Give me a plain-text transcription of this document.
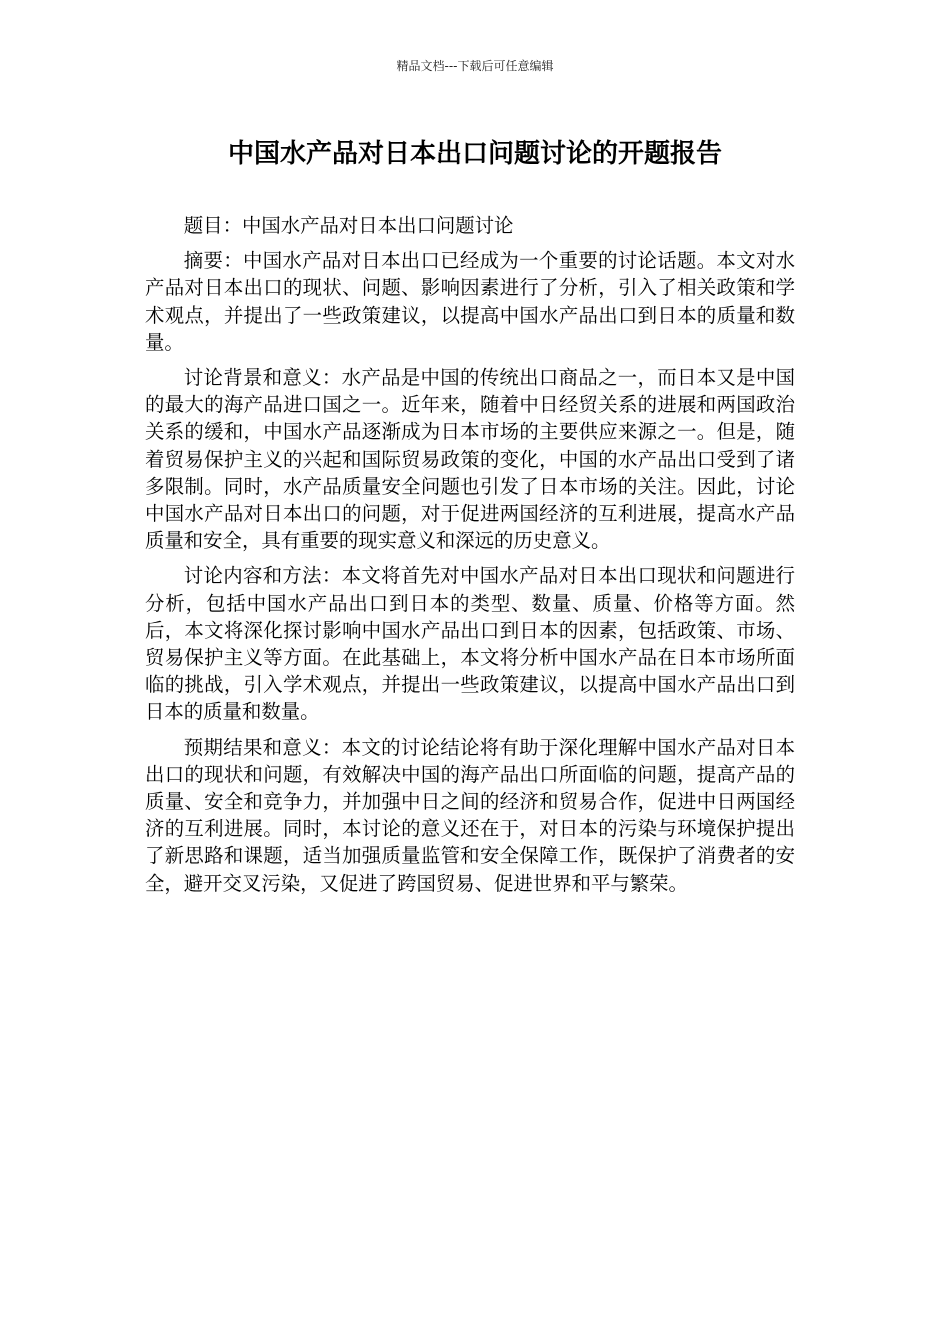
精品文档---下载后可任意编辑
中国水产品对日本出口问题讨论的开题报告

题目：中国水产品对日本出口问题讨论

摘要：中国水产品对日本出口已经成为一个重要的讨论话题。本文对水产品对日本出口的现状、问题、影响因素进行了分析，引入了相关政策和学术观点，并提出了一些政策建议，以提高中国水产品出口到日本的质量和数量。

讨论背景和意义：水产品是中国的传统出口商品之一，而日本又是中国的最大的海产品进口国之一。近年来，随着中日经贸关系的进展和两国政治关系的缓和，中国水产品逐渐成为日本市场的主要供应来源之一。但是，随着贸易保护主义的兴起和国际贸易政策的变化，中国的水产品出口受到了诸多限制。同时，水产品质量安全问题也引发了日本市场的关注。因此，讨论中国水产品对日本出口的问题，对于促进两国经济的互利进展，提高水产品质量和安全，具有重要的现实意义和深远的历史意义。

讨论内容和方法：本文将首先对中国水产品对日本出口现状和问题进行分析，包括中国水产品出口到日本的类型、数量、质量、价格等方面。然后，本文将深化探讨影响中国水产品出口到日本的因素，包括政策、市场、贸易保护主义等方面。在此基础上，本文将分析中国水产品在日本市场所面临的挑战，引入学术观点，并提出一些政策建议，以提高中国水产品出口到日本的质量和数量。

预期结果和意义：本文的讨论结论将有助于深化理解中国水产品对日本出口的现状和问题，有效解决中国的海产品出口所面临的问题，提高产品的质量、安全和竞争力，并加强中日之间的经济和贸易合作，促进中日两国经济的互利进展。同时，本讨论的意义还在于，对日本的污染与环境保护提出了新思路和课题，适当加强质量监管和安全保障工作，既保护了消费者的安全，避开交叉污染，又促进了跨国贸易、促进世界和平与繁荣。
